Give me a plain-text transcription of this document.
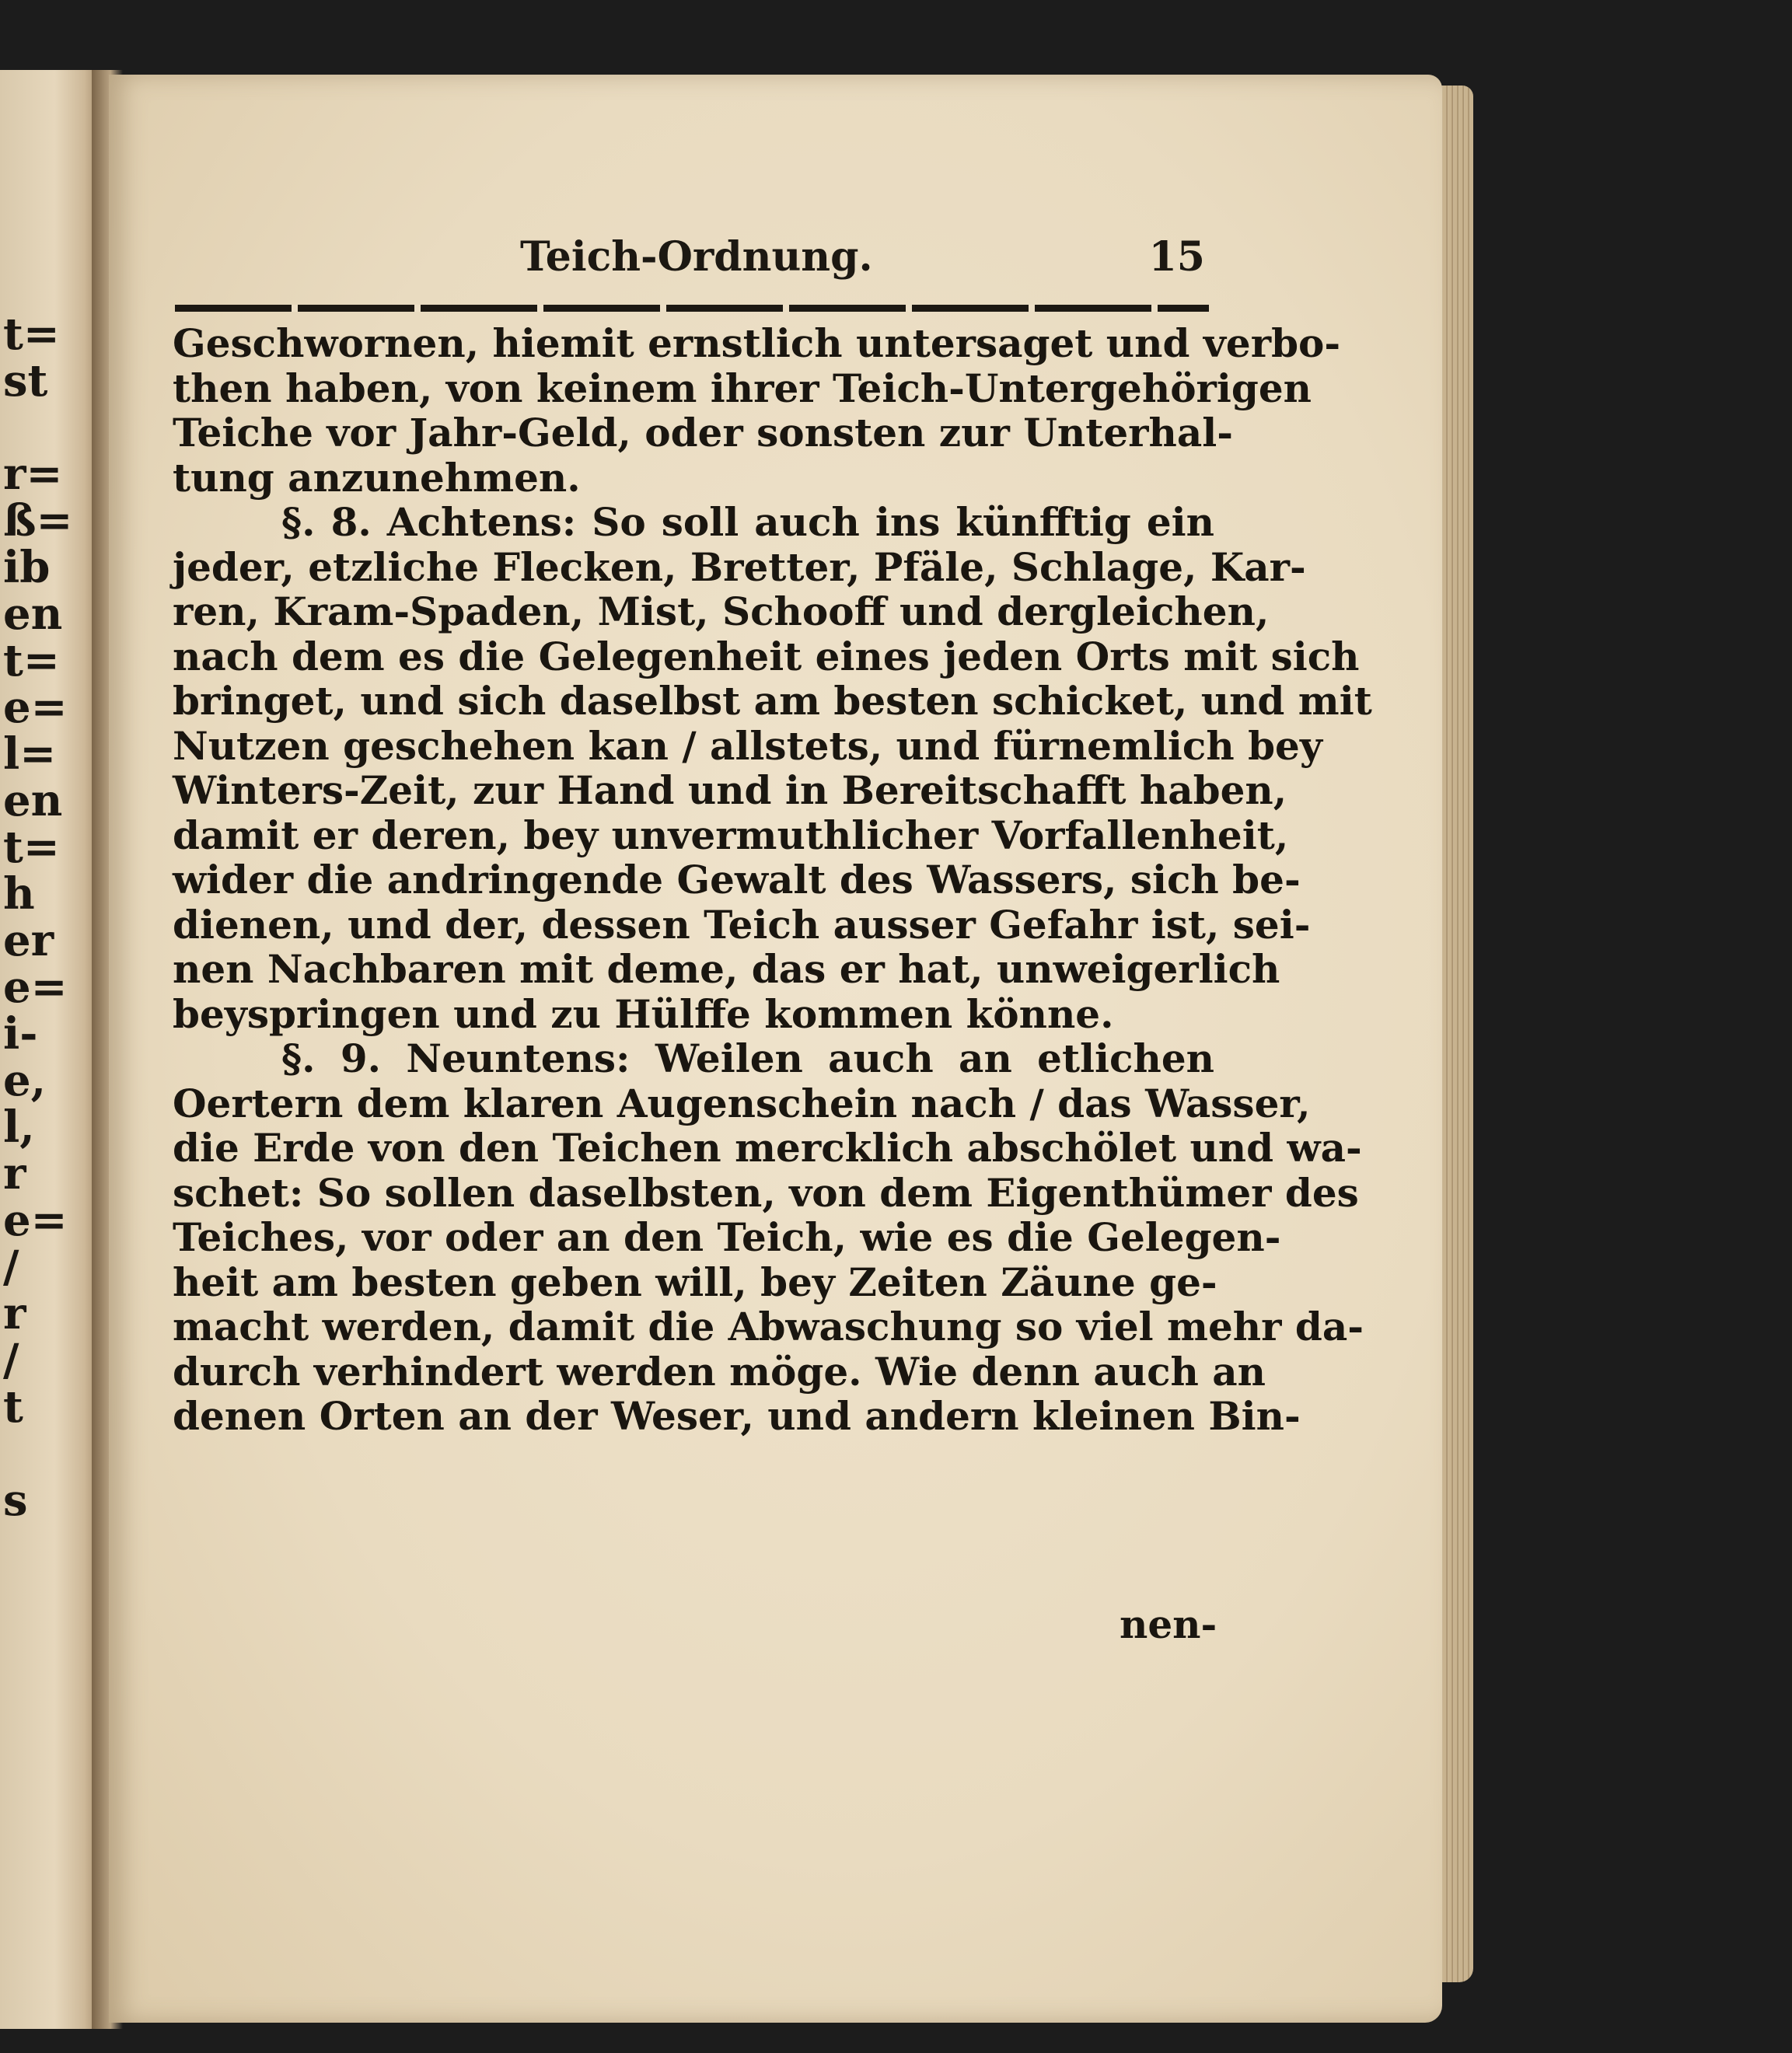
t=
st
r=
ß=
ib
en
t=
e=
l=
en
t=
h
er
e=
i-
e,
l,
r
e=
/
r
/
t
s
Teich-Ordnung.	15
Geschwornen, hiemit ernstlich untersaget und verbo-
then haben, von keinem ihrer Teich-Untergehörigen
Teiche vor Jahr-Geld, oder sonsten zur Unterhal-
tung anzunehmen.
§. 8. Achtens: So soll auch ins künfftig ein
jeder, etzliche Flecken, Bretter, Pfäle, Schlage, Kar-
ren, Kram-Spaden, Mist, Schooff und dergleichen,
nach dem es die Gelegenheit eines jeden Orts mit sich
bringet, und sich daselbst am besten schicket, und mit
Nutzen geschehen kan / allstets, und fürnemlich bey
Winters-Zeit, zur Hand und in Bereitschafft haben,
damit er deren, bey unvermuthlicher Vorfallenheit,
wider die andringende Gewalt des Wassers, sich be-
dienen, und der, dessen Teich ausser Gefahr ist, sei-
nen Nachbaren mit deme, das er hat, unweigerlich
beyspringen und zu Hülffe kommen könne.
§. 9. Neuntens: Weilen auch an etlichen
Oertern dem klaren Augenschein nach / das Wasser,
die Erde von den Teichen mercklich abschölet und wa-
schet: So sollen daselbsten, von dem Eigenthümer des
Teiches, vor oder an den Teich, wie es die Gelegen-
heit am besten geben will, bey Zeiten Zäune ge-
macht werden, damit die Abwaschung so viel mehr da-
durch verhindert werden möge. Wie denn auch an
denen Orten an der Weser, und andern kleinen Bin-
nen-
